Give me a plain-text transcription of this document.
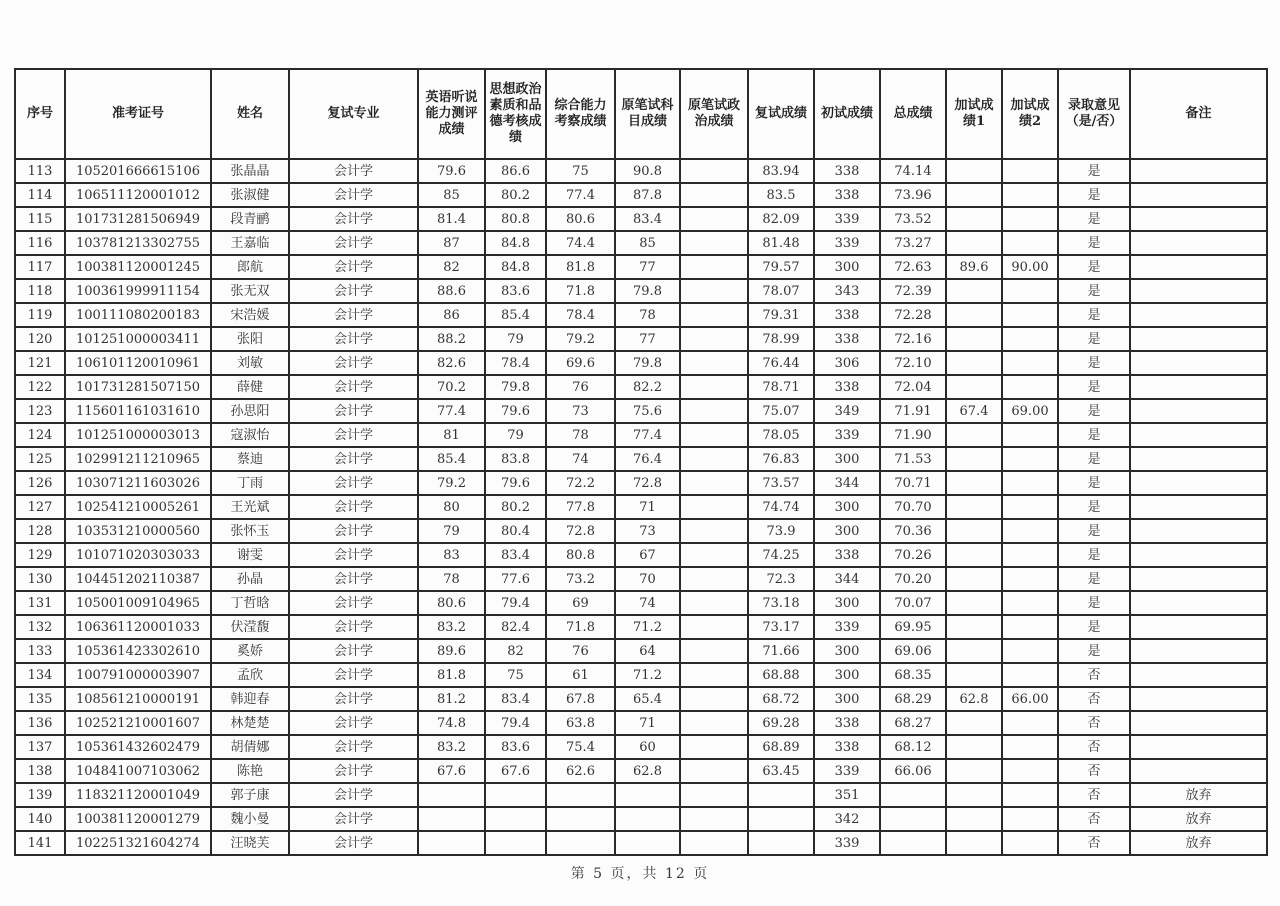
序号	准考证号	姓名	复试专业	英语听说能力测评成绩	思想政治素质和品德考核成绩	综合能力考察成绩	原笔试科目成绩	原笔试政治成绩	复试成绩	初试成绩	总成绩	加试成绩1	加试成绩2	录取意见（是/否）	备注
113	105201666615106	张晶晶	会计学	79.6	86.6	75	90.8		83.94	338	74.14			是	
114	106511120001012	张淑健	会计学	85	80.2	77.4	87.8		83.5	338	73.96			是	
115	101731281506949	段青鹂	会计学	81.4	80.8	80.6	83.4		82.09	339	73.52			是	
116	103781213302755	王嘉临	会计学	87	84.8	74.4	85		81.48	339	73.27			是	
117	100381120001245	郎航	会计学	82	84.8	81.8	77		79.57	300	72.63	89.6	90.00	是	
118	100361999911154	张无双	会计学	88.6	83.6	71.8	79.8		78.07	343	72.39			是	
119	100111080200183	宋浩媛	会计学	86	85.4	78.4	78		79.31	338	72.28			是	
120	101251000003411	张阳	会计学	88.2	79	79.2	77		78.99	338	72.16			是	
121	106101120010961	刘敏	会计学	82.6	78.4	69.6	79.8		76.44	306	72.10			是	
122	101731281507150	薛健	会计学	70.2	79.8	76	82.2		78.71	338	72.04			是	
123	115601161031610	孙思阳	会计学	77.4	79.6	73	75.6		75.07	349	71.91	67.4	69.00	是	
124	101251000003013	寇淑怡	会计学	81	79	78	77.4		78.05	339	71.90			是	
125	102991211210965	蔡迪	会计学	85.4	83.8	74	76.4		76.83	300	71.53			是	
126	103071211603026	丁雨	会计学	79.2	79.6	72.2	72.8		73.57	344	70.71			是	
127	102541210005261	王光斌	会计学	80	80.2	77.8	71		74.74	300	70.70			是	
128	103531210000560	张怀玉	会计学	79	80.4	72.8	73		73.9	300	70.36			是	
129	101071020303033	谢雯	会计学	83	83.4	80.8	67		74.25	338	70.26			是	
130	104451202110387	孙晶	会计学	78	77.6	73.2	70		72.3	344	70.20			是	
131	105001009104965	丁哲晗	会计学	80.6	79.4	69	74		73.18	300	70.07			是	
132	106361120001033	伏滢馥	会计学	83.2	82.4	71.8	71.2		73.17	339	69.95			是	
133	105361423302610	奚娇	会计学	89.6	82	76	64		71.66	300	69.06			是	
134	100791000003907	孟欣	会计学	81.8	75	61	71.2		68.88	300	68.35			否	
135	108561210000191	韩迎春	会计学	81.2	83.4	67.8	65.4		68.72	300	68.29	62.8	66.00	否	
136	102521210001607	林楚楚	会计学	74.8	79.4	63.8	71		69.28	338	68.27			否	
137	105361432602479	胡倩娜	会计学	83.2	83.6	75.4	60		68.89	338	68.12			否	
138	104841007103062	陈艳	会计学	67.6	67.6	62.6	62.8		63.45	339	66.06			否	
139	118321120001049	郭子康	会计学							351				否	放弃
140	100381120001279	魏小曼	会计学							342				否	放弃
141	102251321604274	汪晓芙	会计学							339				否	放弃
第 5 页，共 12 页
